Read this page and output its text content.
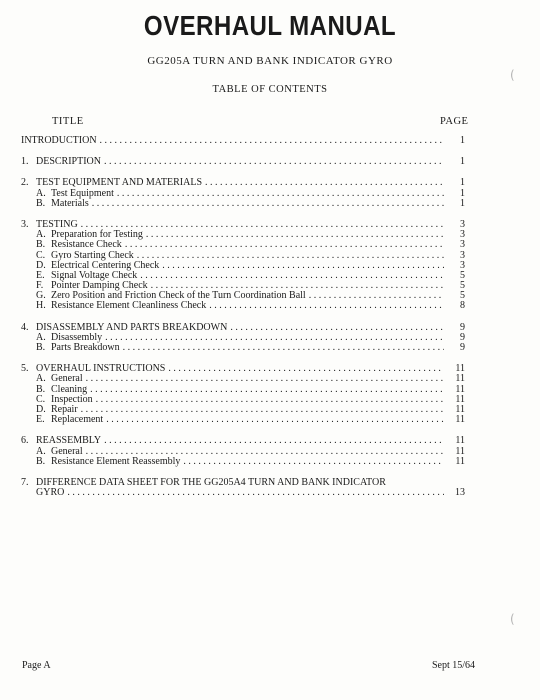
OVERHAUL MANUAL
GG205A TURN AND BANK INDICATOR GYRO
TABLE OF CONTENTS
TITLE	PAGE
INTRODUCTION . . .	1
1. DESCRIPTION . . .	1
2. TEST EQUIPMENT AND MATERIALS . . .	1
A. Test Equipment . . .	1
B. Materials . . .	1
3. TESTING . . .	3
A. Preparation for Testing . . .	3
B. Resistance Check . . .	3
C. Gyro Starting Check . . .	3
D. Electrical Centering Check . . .	3
E. Signal Voltage Check . . .	5
F. Pointer Damping Check . . .	5
G. Zero Position and Friction Check of the Turn Coordination Ball . . .	5
H. Resistance Element Cleanliness Check . . .	8
4. DISASSEMBLY AND PARTS BREAKDOWN . . .	9
A. Disassembly . . .	9
B. Parts Breakdown . . .	9
5. OVERHAUL INSTRUCTIONS . . .	11
A. General . . .	11
B. Cleaning . . .	11
C. Inspection . . .	11
D. Repair . . .	11
E. Replacement . . .	11
6. REASSEMBLY . . .	11
A. General . . .	11
B. Resistance Element Reassembly . . .	11
7. DIFFERENCE DATA SHEET FOR THE GG205A4 TURN AND BANK INDICATOR
GYRO . . .	13
Page A	Sept 15/64
(
(
